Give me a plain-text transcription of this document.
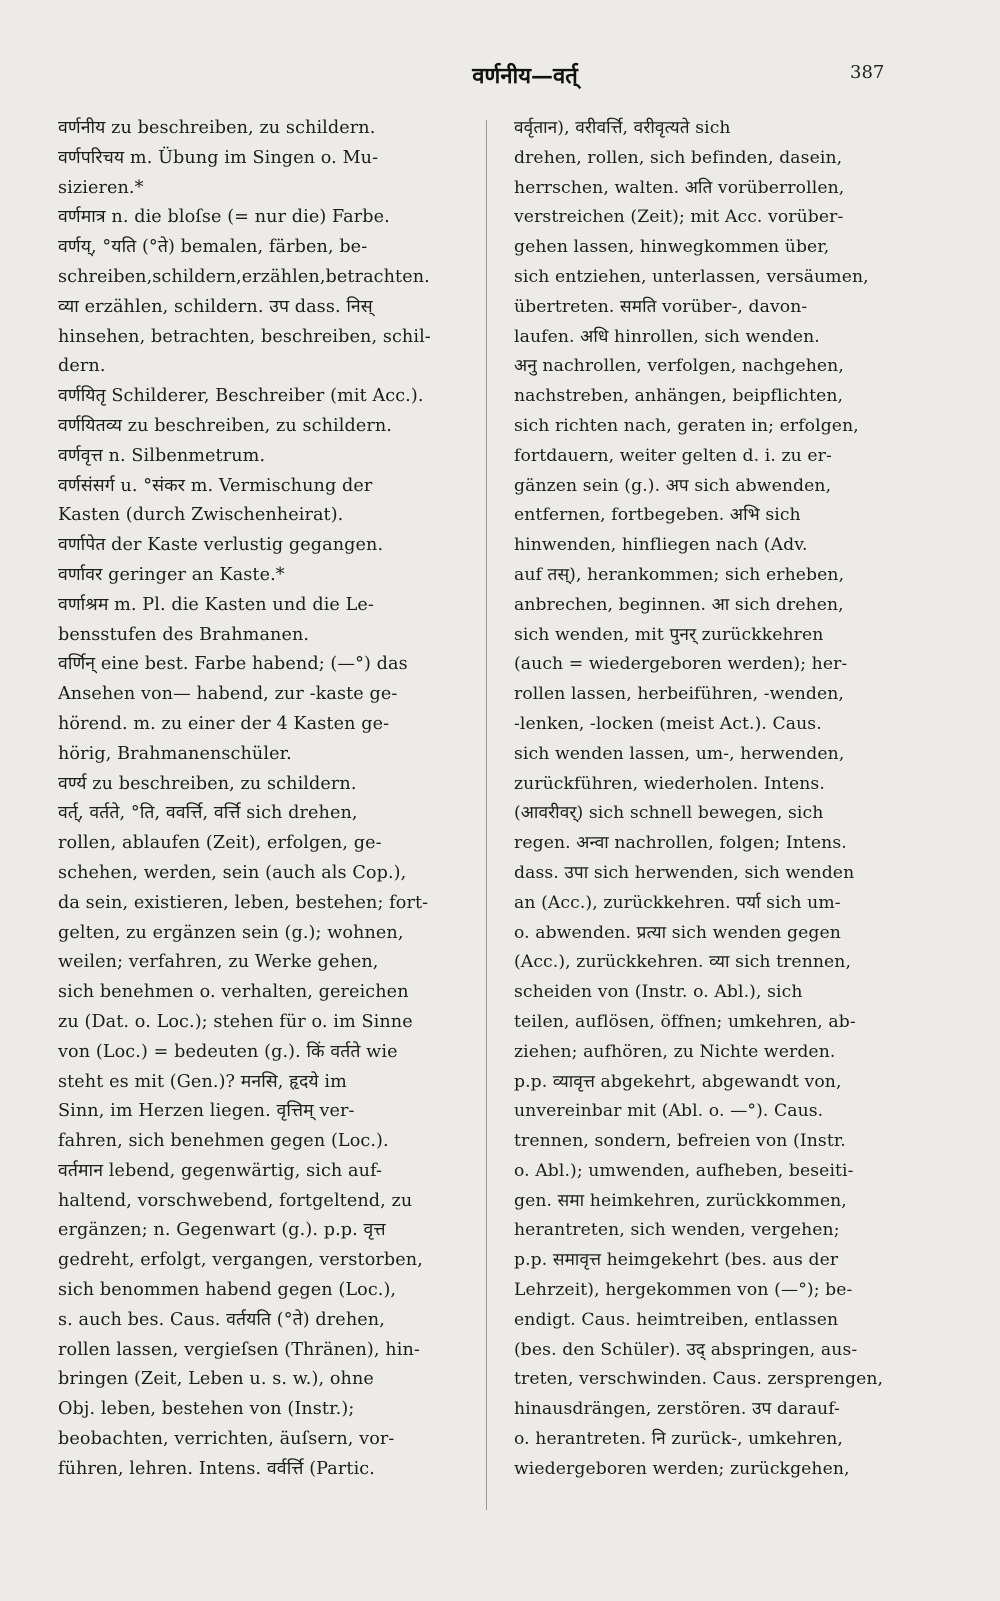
वर्णनीय—वर्त्	387
वर्णनीय zu beschreiben, zu schildern.
वर्णपरिचय m. Übung im Singen o. Mu-
sizieren.*
वर्णमात्र n. die bloſse (= nur die) Farbe.
वर्णय्, °यति (°ते) bemalen, färben, be-
schreiben,schildern,erzählen,betrachten.
व्या erzählen, schildern. उप dass. निस्
hinsehen, betrachten, beschreiben, schil-
dern.
वर्णयितृ Schilderer, Beschreiber (mit Acc.).
वर्णयितव्य zu beschreiben, zu schildern.
वर्णवृत्त n. Silbenmetrum.
वर्णसंसर्ग u. °संकर m. Vermischung der
Kasten (durch Zwischenheirat).
वर्णापेत der Kaste verlustig gegangen.
वर्णावर geringer an Kaste.*
वर्णाश्रम m. Pl. die Kasten und die Le-
bensstufen des Brahmanen.
वर्णिन् eine best. Farbe habend; (—°) das
Ansehen von— habend, zur -kaste ge-
hörend. m. zu einer der 4 Kasten ge-
hörig, Brahmanenschüler.
वर्ण्य zu beschreiben, zu schildern.
वर्त्, वर्तते, °ति, ववर्त्ति, वर्त्ति sich drehen,
rollen, ablaufen (Zeit), erfolgen, ge-
schehen, werden, sein (auch als Cop.),
da sein, existieren, leben, bestehen; fort-
gelten, zu ergänzen sein (g.); wohnen,
weilen; verfahren, zu Werke gehen,
sich benehmen o. verhalten, gereichen
zu (Dat. o. Loc.); stehen für o. im Sinne
von (Loc.) = bedeuten (g.). किं वर्तते wie
steht es mit (Gen.)? मनसि, हृदये im
Sinn, im Herzen liegen. वृत्तिम् ver-
fahren, sich benehmen gegen (Loc.).
वर्तमान lebend, gegenwärtig, sich auf-
haltend, vorschwebend, fortgeltend, zu
ergänzen; n. Gegenwart (g.). p.p. वृत्त
gedreht, erfolgt, vergangen, verstorben,
sich benommen habend gegen (Loc.),
s. auch bes. Caus. वर्तयति (°ते) drehen,
rollen lassen, vergieſsen (Thränen), hin-
bringen (Zeit, Leben u. s. w.), ohne
Obj. leben, bestehen von (Instr.);
beobachten, verrichten, äuſsern, vor-
führen, lehren. Intens. वर्वर्त्ति (Partic.
वर्वृतान), वरीवर्त्ति, वरीवृत्यते sich
drehen, rollen, sich befinden, dasein,
herrschen, walten. अति vorüberrollen,
verstreichen (Zeit); mit Acc. vorüber-
gehen lassen, hinwegkommen über,
sich entziehen, unterlassen, versäumen,
übertreten. समति vorüber-, davon-
laufen. अधि hinrollen, sich wenden.
अनु nachrollen, verfolgen, nachgehen,
nachstreben, anhängen, beipflichten,
sich richten nach, geraten in; erfolgen,
fortdauern, weiter gelten d. i. zu er-
gänzen sein (g.). अप sich abwenden,
entfernen, fortbegeben. अभि sich
hinwenden, hinfliegen nach (Adv.
auf तस्), herankommen; sich erheben,
anbrechen, beginnen. आ sich drehen,
sich wenden, mit पुनर् zurückkehren
(auch = wiedergeboren werden); her-
rollen lassen, herbeiführen, -wenden,
-lenken, -locken (meist Act.). Caus.
sich wenden lassen, um-, herwenden,
zurückführen, wiederholen. Intens.
(आवरीवर्) sich schnell bewegen, sich
regen. अन्वा nachrollen, folgen; Intens.
dass. उपा sich herwenden, sich wenden
an (Acc.), zurückkehren. पर्या sich um-
o. abwenden. प्रत्या sich wenden gegen
(Acc.), zurückkehren. व्या sich trennen,
scheiden von (Instr. o. Abl.), sich
teilen, auflösen, öffnen; umkehren, ab-
ziehen; aufhören, zu Nichte werden.
p.p. व्यावृत्त abgekehrt, abgewandt von,
unvereinbar mit (Abl. o. —°). Caus.
trennen, sondern, befreien von (Instr.
o. Abl.); umwenden, aufheben, beseiti-
gen. समा heimkehren, zurückkommen,
herantreten, sich wenden, vergehen;
p.p. समावृत्त heimgekehrt (bes. aus der
Lehrzeit), hergekommen von (—°); be-
endigt. Caus. heimtreiben, entlassen
(bes. den Schüler). उद् abspringen, aus-
treten, verschwinden. Caus. zersprengen,
hinausdrängen, zerstören. उप darauf-
o. herantreten. नि zurück-, umkehren,
wiedergeboren werden; zurückgehen,
